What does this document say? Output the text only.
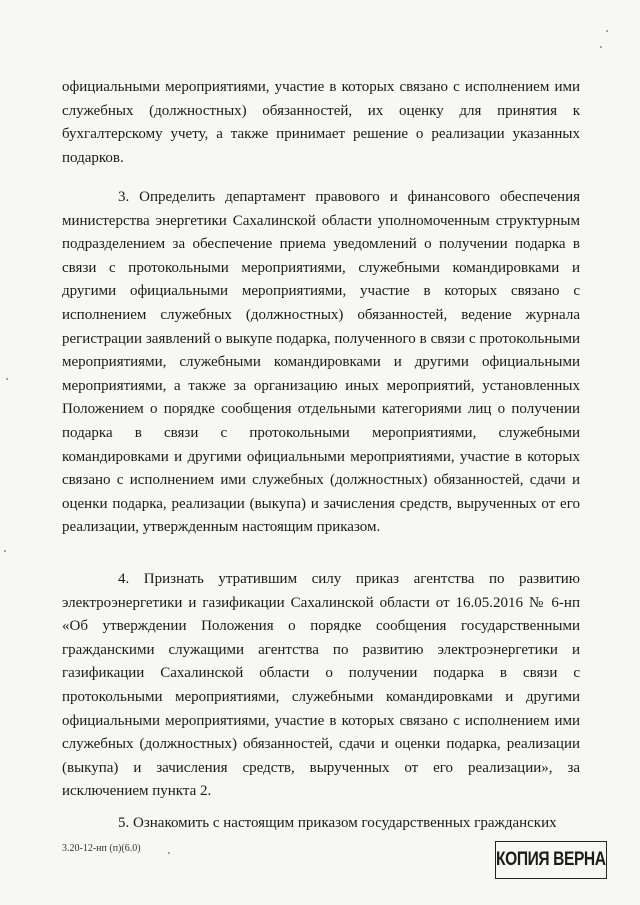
официальными мероприятиями, участие в которых связано с исполнением ими служебных (должностных) обязанностей, их оценку для принятия к бухгалтерскому учету, а также принимает решение о реализации указанных подарков.

3. Определить департамент правового и финансового обеспечения министерства энергетики Сахалинской области уполномоченным структурным подразделением за обеспечение приема уведомлений о получении подарка в связи с протокольными мероприятиями, служебными командировками и другими официальными мероприятиями, участие в которых связано с исполнением служебных (должностных) обязанностей, ведение журнала регистрации заявлений о выкупе подарка, полученного в связи с протокольными мероприятиями, служебными командировками и другими официальными мероприятиями, а также за организацию иных мероприятий, установленных Положением о порядке сообщения отдельными категориями лиц о получении подарка в связи с протокольными мероприятиями, служебными командировками и другими официальными мероприятиями, участие в которых связано с исполнением ими служебных (должностных) обязанностей, сдачи и оценки подарка, реализации (выкупа) и зачисления средств, вырученных от его реализации, утвержденным настоящим приказом.

4. Признать утратившим силу приказ агентства по развитию электроэнергетики и газификации Сахалинской области от 16.05.2016 № 6-нп «Об утверждении Положения о порядке сообщения государственными гражданскими служащими агентства по развитию электроэнергетики и газификации Сахалинской области о получении подарка в связи с протокольными мероприятиями, служебными командировками и другими официальными мероприятиями, участие в которых связано с исполнением ими служебных (должностных) обязанностей, сдачи и оценки подарка, реализации (выкупа) и зачисления средств, вырученных от его реализации», за исключением пункта 2.

5. Ознакомить с настоящим приказом государственных гражданских

3.20-12-нп (п)(6.0)
КОПИЯ ВЕРНА
